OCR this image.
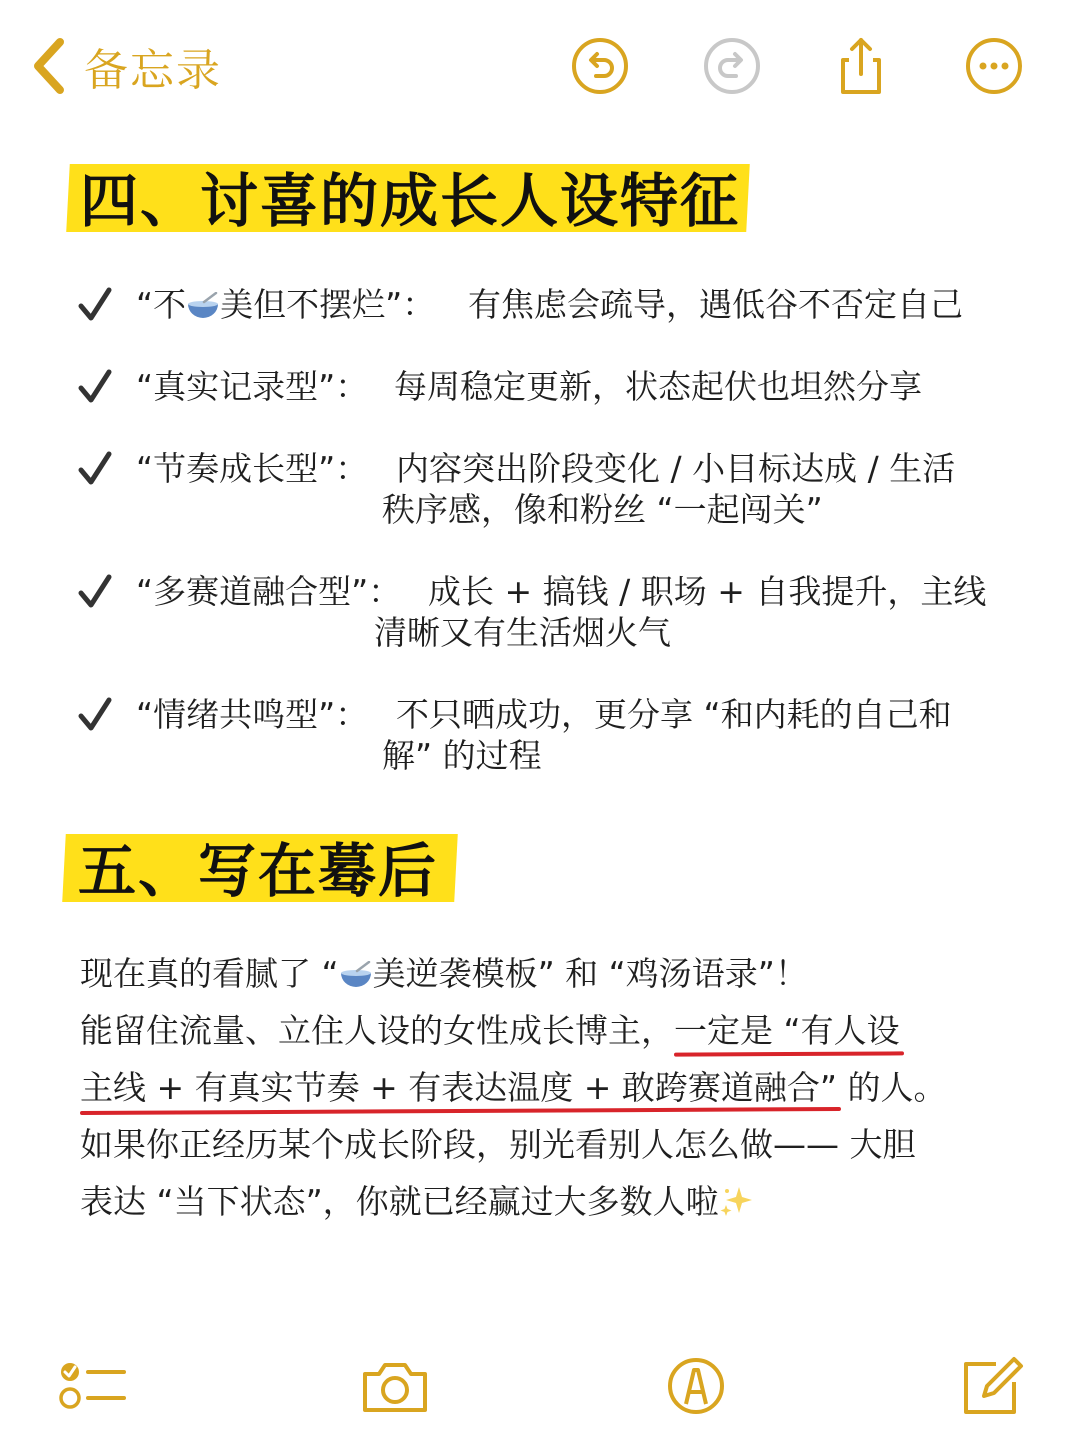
备忘录
四、讨喜的成长人设特征
“不 美但不摆烂”： 有焦虑会疏导，遇低谷不否定自己
“真实记录型”： 每周稳定更新，状态起伏也坦然分享
“节奏成长型”： 内容突出阶段变化 / 小目标达成 / 生活
秩序感，像和粉丝 “一起闯关”
“多赛道融合型”： 成长 + 搞钱 / 职场 + 自我提升，主线
清晰又有生活烟火气
“情绪共鸣型”： 不只晒成功，更分享 “和内耗的自己和
解” 的过程
五、写在蓦后
现在真的看腻了 “ 美逆袭模板” 和 “鸡汤语录”！
能留住流量、立住人设的女性成长博主，一定是 “有人设
主线 + 有真实节奏 + 有表达温度 + 敢跨赛道融合” 的人。
如果你正经历某个成长阶段，别光看别人怎么做—— 大胆
表达 “当下状态”，你就已经赢过大多数人啦
